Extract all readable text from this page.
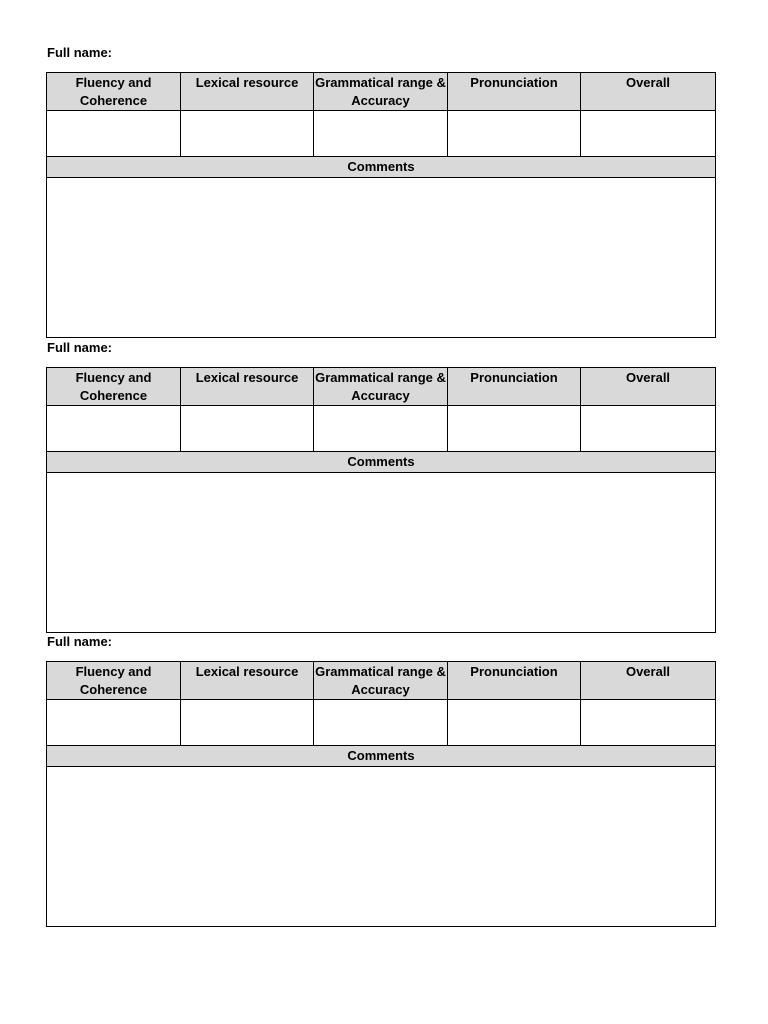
Full name:
Fluency and Coherence	Lexical resource	Grammatical range & Accuracy	Pronunciation	Overall

Comments				

Full name:
Fluency and Coherence	Lexical resource	Grammatical range & Accuracy	Pronunciation	Overall

Comments				

Full name:
Fluency and Coherence	Lexical resource	Grammatical range & Accuracy	Pronunciation	Overall

Comments				
